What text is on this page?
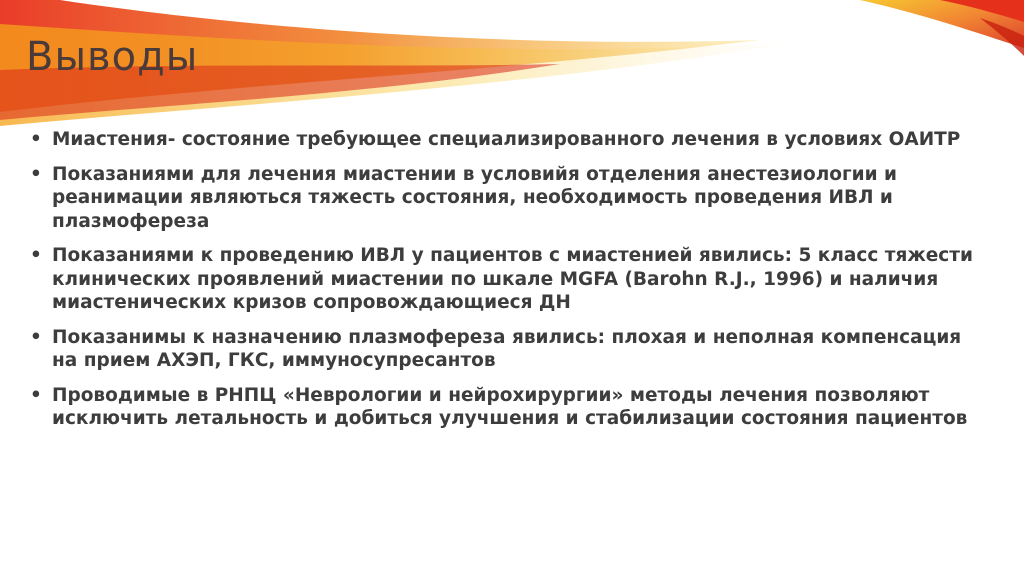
Выводы
• Миастения- состояние требующее специализированного лечения в условиях ОАИТР
• Показаниями для лечения миастении в условийя отделения анестезиологии и реанимации являються тяжесть состояния, необходимость проведения ИВЛ и плазмофереза
• Показаниями к проведению ИВЛ у пациентов с миастенией явились: 5 класс тяжести клинических проявлений миастении по шкале MGFA (Barohn R.J., 1996) и наличия миастенических кризов сопровождающиеся ДН
• Показанимы к назначению плазмофереза явились: плохая и неполная компенсация на прием АХЭП, ГКС, иммуносупресантов
• Проводимые в РНПЦ «Неврологии и нейрохирургии» методы лечения позволяют исключить летальность и добиться улучшения и стабилизации состояния пациентов
